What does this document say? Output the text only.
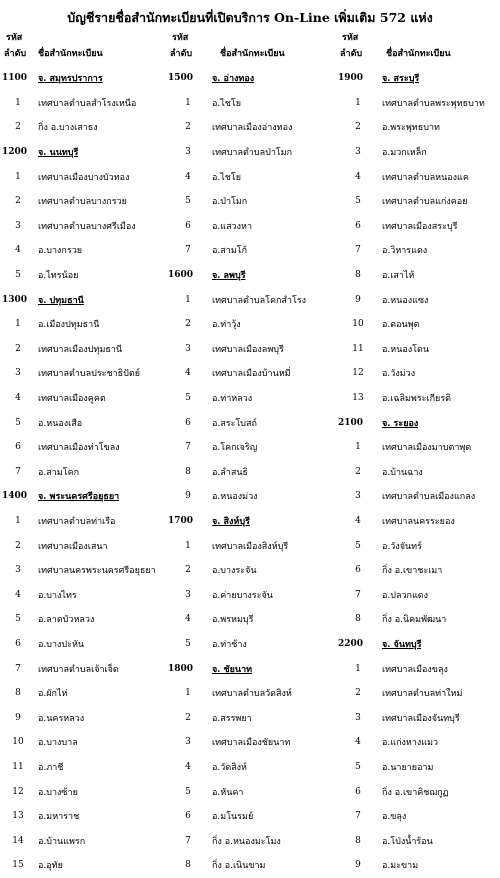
บัญชีรายชื่อสำนักทะเบียนที่เปิดบริการ On-Line เพิ่มเติม 572 แห่ง
รหัส
ลำดับ ชื่อสำนักทะเบียน
1100	จ. สมุทรปราการ
1	เทศบาลตำบลสำโรงเหนือ
2	กิ่ง อ.บางเสาธง
1200	จ. นนทบุรี
1	เทศบาลเมืองบางบัวทอง
2	เทศบาลตำบลบางกรวย
3	เทศบาลตำบลบางศรีเมือง
4	อ.บางกรวย
5	อ.ไทรน้อย
1300	จ. ปทุมธานี
1	อ.เมืองปทุมธานี
2	เทศบาลเมืองปทุมธานี
3	เทศบาลตำบลประชาธิปัตย์
4	เทศบาลเมืองคูคต
5	อ.หนองเสือ
6	เทศบาลเมืองท่าโขลง
7	อ.สามโคก
1400	จ. พระนครศรีอยุธยา
1	เทศบาลตำบลท่าเรือ
2	เทศบาลเมืองเสนา
3	เทศบาลนครพระนครศรีอยุธยา
4	อ.บางไทร
5	อ.ลาดบัวหลวง
6	อ.บางปะหัน
7	เทศบาลตำบลเจ้าเจ็ด
8	อ.ผักไห่
9	อ.นครหลวง
10	อ.บางบาล
11	อ.ภาชี
12	อ.บางซ้าย
13	อ.มหาราช
14	อ.บ้านแพรก
15	อ.อุทัย
รหัส
ลำดับ	ชื่อสำนักทะเบียน
1500	จ. อ่างทอง
1	อ.ไชโย
2	เทศบาลเมืองอ่างทอง
3	เทศบาลตำบลป่าโมก
4	อ.ไชโย
5	อ.ป่าโมก
6	อ.แสวงหา
7	อ.สามโก้
1600	จ. ลพบุรี
1	เทศบาลตำบลโคกสำโรง
2	อ.ท่าวุ้ง
3	เทศบาลเมืองลพบุรี
4	เทศบาลเมืองบ้านหมี่
5	อ.ท่าหลวง
6	อ.สระโบสถ์
7	อ.โคกเจริญ
8	อ.ลำสนธิ
9	อ.หนองม่วง
1700	จ. สิงห์บุรี
1	เทศบาลเมืองสิงห์บุรี
2	อ.บางระจัน
3	อ.ค่ายบางระจัน
4	อ.พรหมบุรี
5	อ.ท่าช้าง
1800	จ. ชัยนาท
1	เทศบาลตำบลวัดสิงห์
2	อ.สรรพยา
3	เทศบาลเมืองชัยนาท
4	อ.วัดสิงห์
5	อ.หันคา
6	อ.มโนรมย์
7	กิ่ง อ.หนองมะโมง
8	กิ่ง อ.เนินขาม
รหัส
ลำดับ	ชื่อสำนักทะเบียน
1900	จ. สระบุรี
1	เทศบาลตำบลพระพุทธบาท
2	อ.พระพุทธบาท
3	อ.มวกเหล็ก
4	เทศบาลตำบลหนองแค
5	เทศบาลตำบลแก่งคอย
6	เทศบาลเมืองสระบุรี
7	อ.วิหารแดง
8	อ.เสาไห้
9	อ.หนองแซง
10	อ.ดอนพุด
11	อ.หนองโดน
12	อ.วังม่วง
13	อ.เฉลิมพระเกียรติ
2100	จ. ระยอง
1	เทศบาลเมืองมาบตาพุด
2	อ.บ้านฉาง
3	เทศบาลตำบลเมืองแกลง
4	เทศบาลนครระยอง
5	อ.วังจันทร์
6	กิ่ง อ.เขาชะเมา
7	อ.ปลวกแดง
8	กิ่ง อ.นิคมพัฒนา
2200	จ. จันทบุรี
1	เทศบาลเมืองขลุง
2	เทศบาลตำบลท่าใหม่
3	เทศบาลเมืองจันทบุรี
4	อ.แก่งหางแมว
5	อ.นายายอาม
6	กิ่ง อ.เขาคิชฌกูฏ
7	อ.ขลุง
8	อ.โป่งน้ำร้อน
9	อ.มะขาม
